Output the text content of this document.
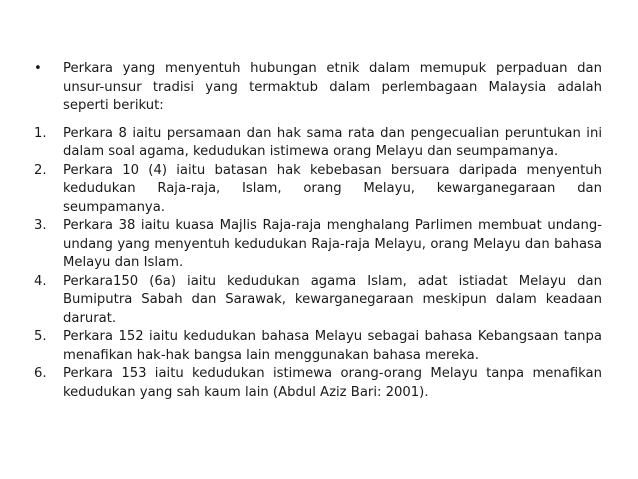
• Perkara yang menyentuh hubungan etnik dalam memupuk perpaduan dan unsur-unsur tradisi yang termaktub dalam perlembagaan Malaysia adalah seperti berikut:
1. Perkara 8 iaitu persamaan dan hak sama rata dan pengecualian peruntukan ini dalam soal agama, kedudukan istimewa orang Melayu dan seumpamanya.
2. Perkara 10 (4) iaitu batasan hak kebebasan bersuara daripada menyentuh kedudukan Raja-raja, Islam, orang Melayu, kewarganegaraan dan seumpamanya.
3. Perkara 38 iaitu kuasa Majlis Raja-raja menghalang Parlimen membuat undang-undang yang menyentuh kedudukan Raja-raja Melayu, orang Melayu dan bahasa Melayu dan Islam.
4. Perkara150 (6a) iaitu kedudukan agama Islam, adat istiadat Melayu dan Bumiputra Sabah dan Sarawak, kewarganegaraan meskipun dalam keadaan darurat.
5. Perkara 152 iaitu kedudukan bahasa Melayu sebagai bahasa Kebangsaan tanpa menafikan hak-hak bangsa lain menggunakan bahasa mereka.
6. Perkara 153 iaitu kedudukan istimewa orang-orang Melayu tanpa menafikan kedudukan yang sah kaum lain (Abdul Aziz Bari: 2001).
